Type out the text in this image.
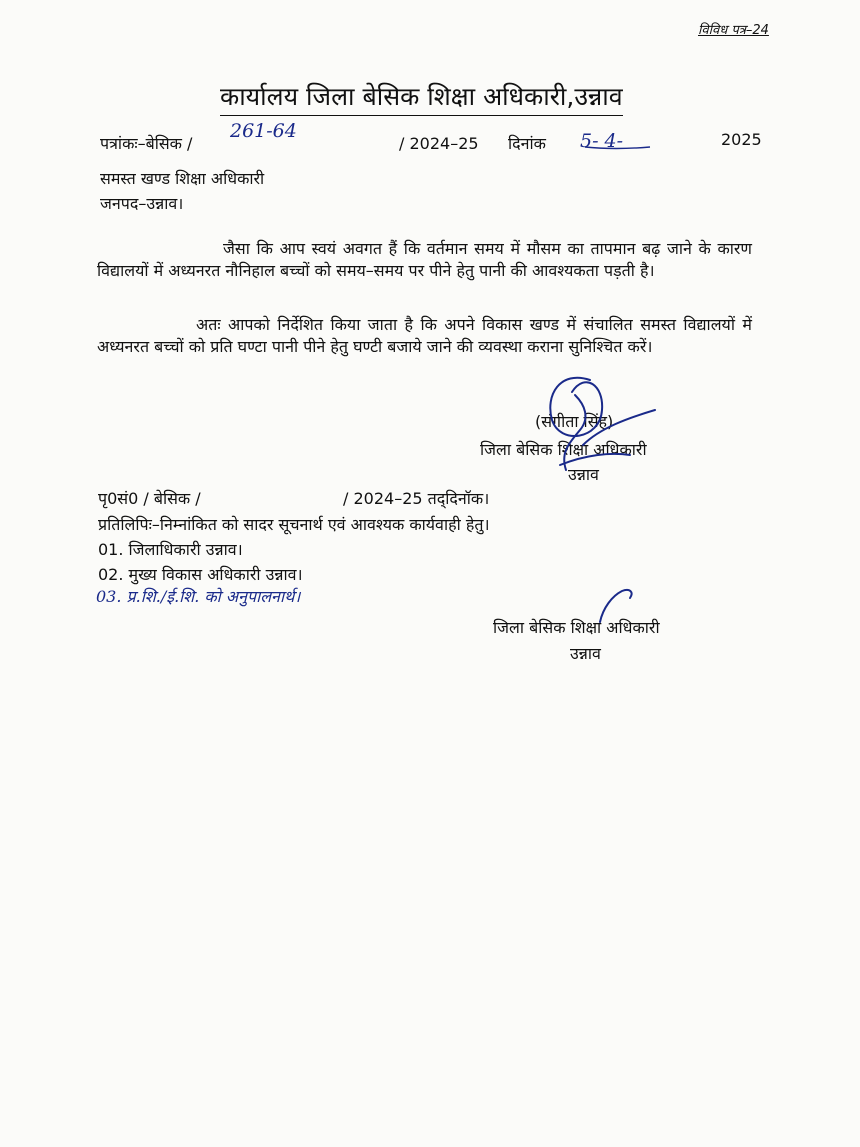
विविध पत्र–24
कार्यालय जिला बेसिक शिक्षा अधिकारी,उन्नाव
पत्रांकः–बेसिक /
261-64
/ 2024–25 दिनांक 5- 4-	2025
समस्त खण्ड शिक्षा अधिकारी
जनपद–उन्नाव।
जैसा कि आप स्वयं अवगत हैं कि वर्तमान समय में मौसम का तापमान बढ़ जाने के कारण विद्यालयों में अध्यनरत नौनिहाल बच्चों को समय–समय पर पीने हेतु पानी की आवश्यकता पड़ती है।
अतः आपको निर्देशित किया जाता है कि अपने विकास खण्ड में संचालित समस्त विद्यालयों में अध्यनरत बच्चों को प्रति घण्टा पानी पीने हेतु घण्टी बजाये जाने की व्यवस्था कराना सुनिश्चित करें।
(संगीता सिंह)
जिला बेसिक शिक्षा अधिकारी
उन्नाव
पृ0सं0 / बेसिक /	/ 2024–25 तद्‌दिनॉक।
प्रतिलिपिः–निम्नांकित को सादर सूचनार्थ एवं आवश्यक कार्यवाही हेतु।
01. जिलाधिकारी उन्नाव।
02. मुख्य विकास अधिकारी उन्नाव।
03. प्र.शि./ई.शि. को अनुपालनार्थ।
जिला बेसिक शिक्षा अधिकारी
उन्नाव
